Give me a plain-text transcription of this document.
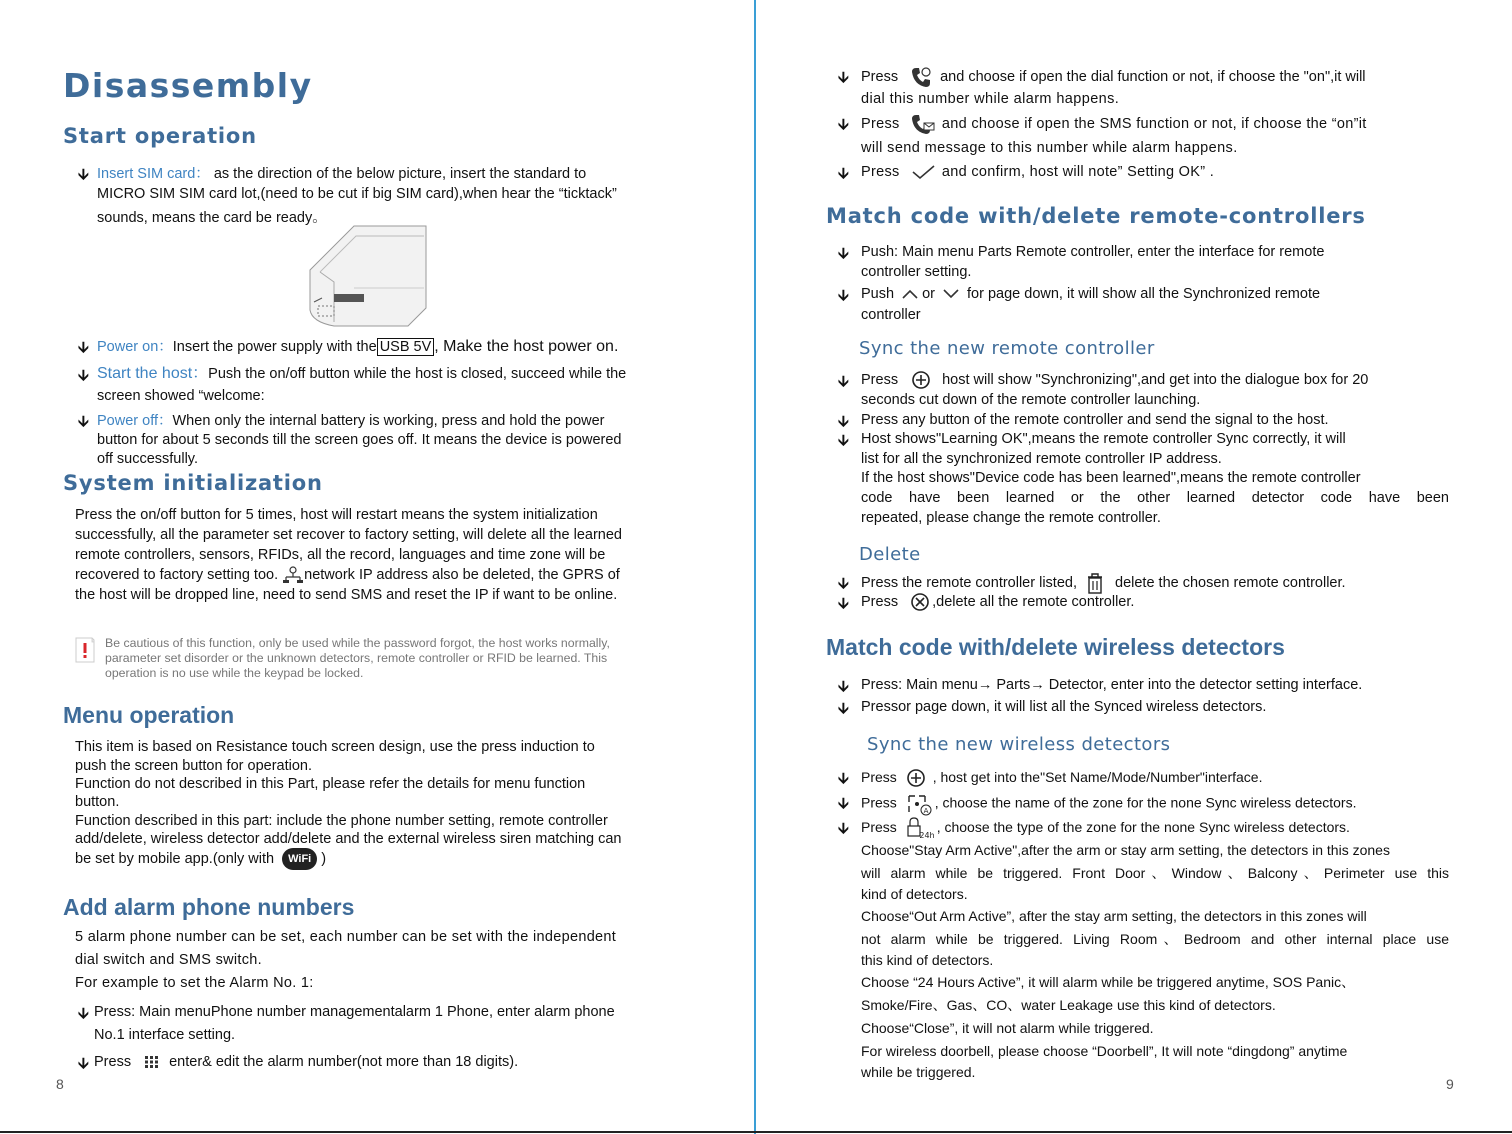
Disassembly
Start operation
🡫 Insert SIM card： as the direction of the below picture, insert the standard to
MICRO SIM SIM card lot,(need to be cut if big SIM card),when hear the “ticktack”
sounds, means the card be ready。
🡫 Power on：Insert the power supply with the USB 5V , Make the host power on.
🡫 Start the host：Push the on/off button while the host is closed, succeed while the
screen showed “welcome:
🡫 Power off：When only the internal battery is working, press and hold the power
button for about 5 seconds till the screen goes off. It means the device is powered
off successfully.
System initialization
Press the on/off button for 5 times, host will restart means the system initialization
successfully, all the parameter set recover to factory setting, will delete all the learned
remote controllers, sensors, RFIDs, all the record, languages and time zone will be
recovered to factory setting too. network IP address also be deleted, the GPRS of
the host will be dropped line, need to send SMS and reset the IP if want to be online.
Be cautious of this function, only be used while the password forgot, the host works normally,
parameter set disorder or the unknown detectors, remote controller or RFID be learned. This
operation is no use while the keypad be locked.
Menu operation
This item is based on Resistance touch screen design, use the press induction to
push the screen button for operation.
Function do not described in this Part, please refer the details for menu function
button.
Function described in this part: include the phone number setting, remote controller
add/delete, wireless detector add/delete and the external wireless siren matching can
be set by mobile app.(only with WiFi )
Add alarm phone numbers
5 alarm phone number can be set, each number can be set with the independent
dial switch and SMS switch.
For example to set the Alarm No. 1:
🡫 Press: Main menuPhone number managementalarm 1 Phone, enter alarm phone
No.1 interface setting.
🡫 Press	enter& edit the alarm number(not more than 18 digits).
8
🡫 Press	and choose if open the dial function or not, if choose the "on",it will
dial this number while alarm happens.
🡫 Press	and choose if open the SMS function or not, if choose the “on”it
will send message to this number while alarm happens.
🡫 Press	and confirm, host will note” Setting OK” .
Match code with/delete remote-controllers
🡫 Push: Main menu Parts Remote controller, enter the interface for remote
controller setting.
🡫 Push or for page down, it will show all the Synchronized remote
controller
Sync the new remote controller
🡫 Press	host will show "Synchronizing",and get into the dialogue box for 20
seconds cut down of the remote controller launching.
🡫 Press any button of the remote controller and send the signal to the host.
🡫 Host shows"Learning OK",means the remote controller Sync correctly, it will
list for all the synchronized remote controller IP address.
If the host shows"Device code has been learned",means the remote controller
code have been learned or the other learned detector code have been
repeated, please change the remote controller.
Delete
🡫 Press the remote controller listed,	delete the chosen remote controller.
🡫 Press ,delete all the remote controller.
Match code with/delete wireless detectors
🡫 Press: Main menu→ Parts→ Detector, enter into the detector setting interface.
🡫 Pressor page down, it will list all the Synced wireless detectors.
Sync the new wireless detectors
🡫 Press	, host get into the"Set Name/Mode/Number"interface.
🡫 Press
A
, choose the name of the zone for the none Sync wireless detectors.
🡫 Press
24h
, choose the type of the zone for the none Sync wireless detectors.
Choose"Stay Arm Active",after the arm or stay arm setting, the detectors in this zones
will alarm while be triggered. Front Door、Window、Balcony、Perimeter use this
kind of detectors.
Choose“Out Arm Active”, after the stay arm setting, the detectors in this zones will
not alarm while be triggered. Living Room、Bedroom and other internal place use
this kind of detectors.
Choose “24 Hours Active”, it will alarm while be triggered anytime, SOS Panic、
Smoke/Fire、Gas、CO、water Leakage use this kind of detectors.
Choose“Close”, it will not alarm while triggered.
For wireless doorbell, please choose “Doorbell”, It will note “dingdong” anytime
while be triggered.
9
